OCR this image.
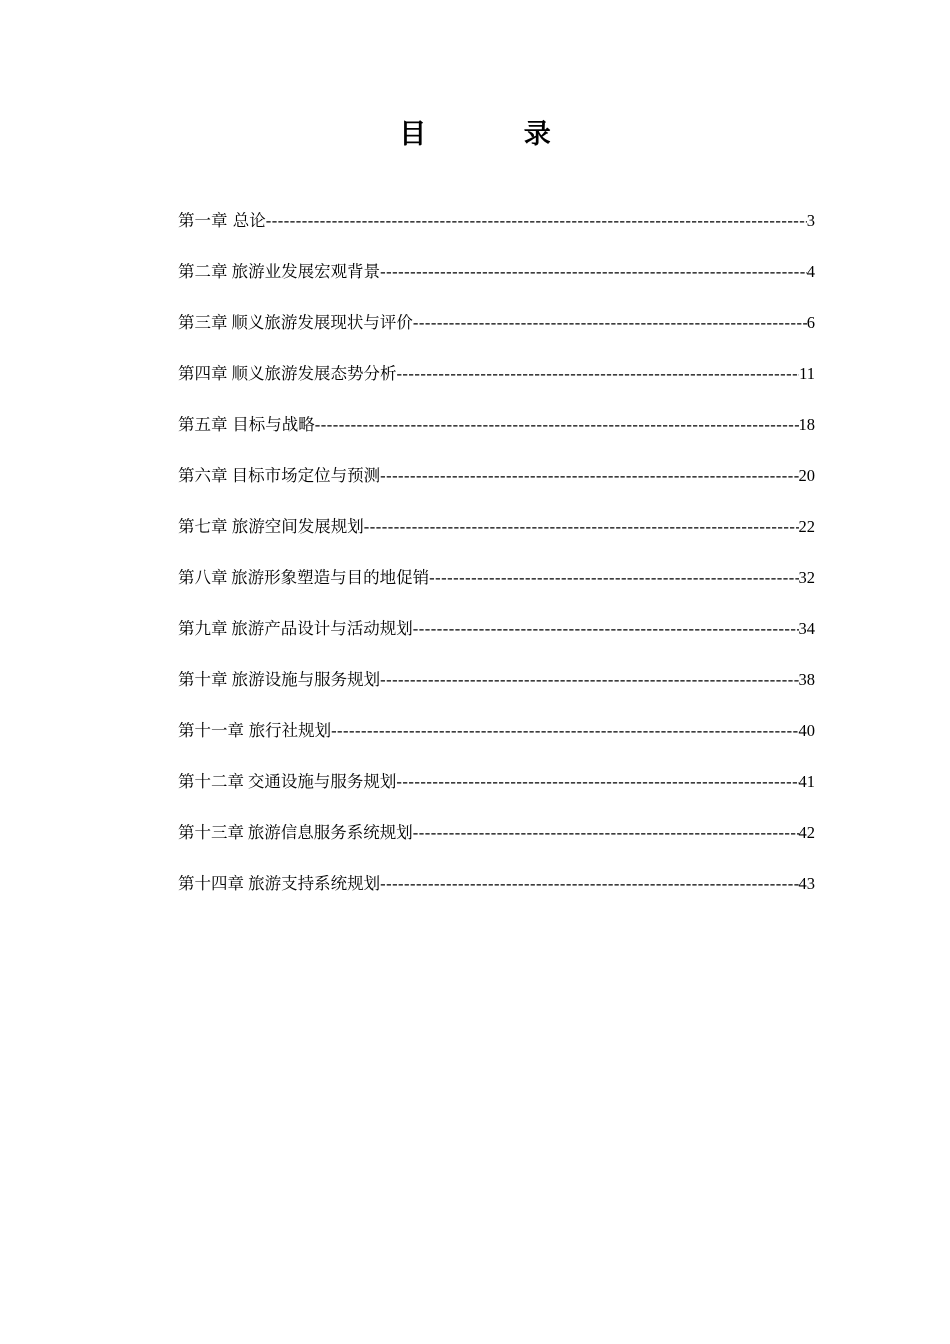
目 录
第一章 总论 -----	3
第二章 旅游业发展宏观背景 -----	4
第三章 顺义旅游发展现状与评价 -----	6
第四章 顺义旅游发展态势分析 -----	11
第五章 目标与战略 -----	18
第六章 目标市场定位与预测 -----	20
第七章 旅游空间发展规划 -----	22
第八章 旅游形象塑造与目的地促销 -----	32
第九章 旅游产品设计与活动规划 -----	34
第十章 旅游设施与服务规划 -----	38
第十一章 旅行社规划 -----	40
第十二章 交通设施与服务规划 -----	41
第十三章 旅游信息服务系统规划 -----	42
第十四章 旅游支持系统规划 -----	43
